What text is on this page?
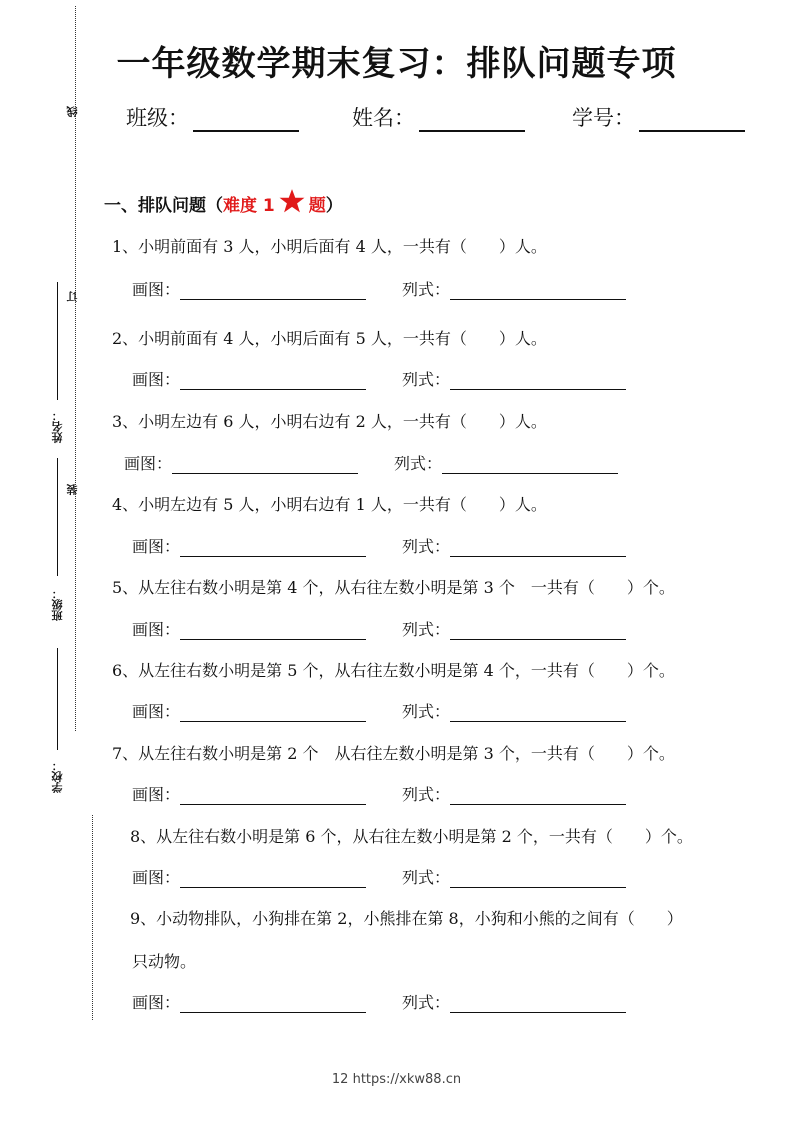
一年级数学期末复习：排队问题专项
班级：	姓名：	学号：
一、排队问题（ 难度 1 题 ）
1、小明前面有 3 人，小明后面有 4 人，一共有（　　）人。
画图：	列式：
2、小明前面有 4 人，小明后面有 5 人，一共有（　　）人。
画图：	列式：
3、小明左边有 6 人，小明右边有 2 人，一共有（　　）人。
画图：	列式：
4、小明左边有 5 人，小明右边有 1 人，一共有（　　）人。
画图：	列式：
5、从左往右数小明是第 4 个，从右往左数小明是第 3 个　一共有（　　）个。
画图：	列式：
6、从左往右数小明是第 5 个，从右往左数小明是第 4 个，一共有（　　）个。
画图：	列式：
7、从左往右数小明是第 2 个　从右往左数小明是第 3 个，一共有（　　）个。
画图：	列式：
8、从左往右数小明是第 6 个，从右往左数小明是第 2 个，一共有（　　）个。
画图：	列式：
9、小动物排队，小狗排在第 2，小熊排在第 8，小狗和小熊的之间有（　　）
只动物。
画图：	列式：
线
订
装
姓名：
班级：
学校：
12 https://xkw88.cn
